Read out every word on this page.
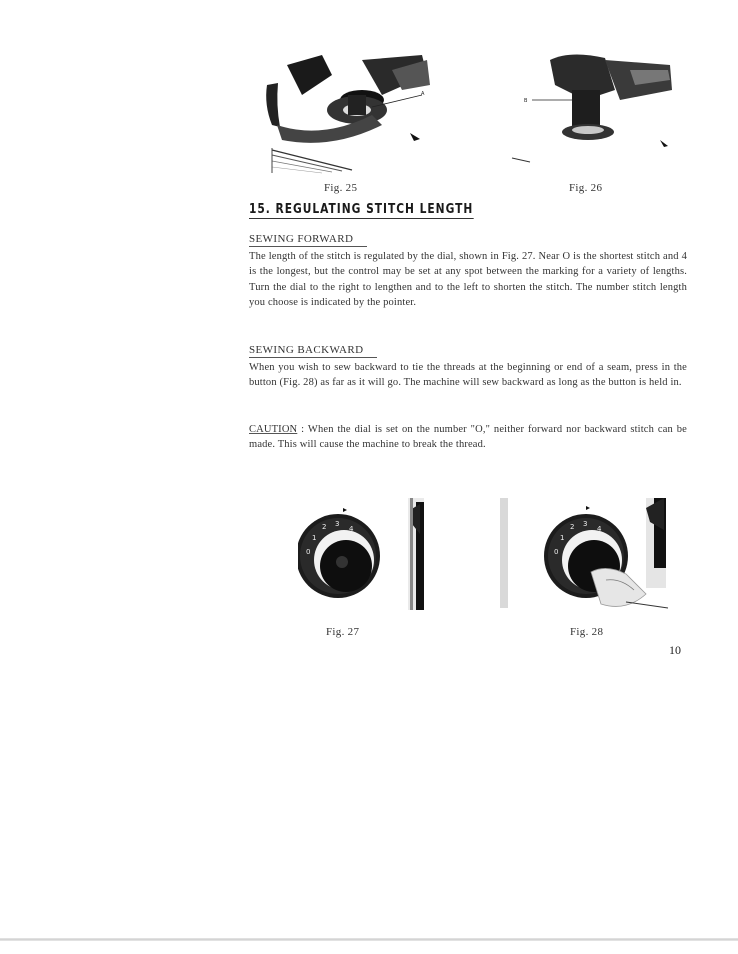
A
B
Fig. 25	Fig. 26
15. REGULATING STITCH LENGTH
SEWING FORWARD
The length of the stitch is regulated by the dial, shown in Fig. 27. Near O is the shortest stitch and 4 is the longest, but the control may be set at any spot between the marking for a variety of lengths. Turn the dial to the right to lengthen and to the left to shorten the stitch. The number stitch length you choose is indicated by the pointer.
SEWING BACKWARD
When you wish to sew backward to tie the threads at the beginning or end of a seam, press in the button (Fig. 28) as far as it will go. The machine will sew backward as long as the button is held in.
CAUTION : When the dial is set on the number "O," neither forward nor backward stitch can be made. This will cause the machine to break the thread.
0
1
2 3
4
0
1
2 3
4
Fig. 27	Fig. 28
10
